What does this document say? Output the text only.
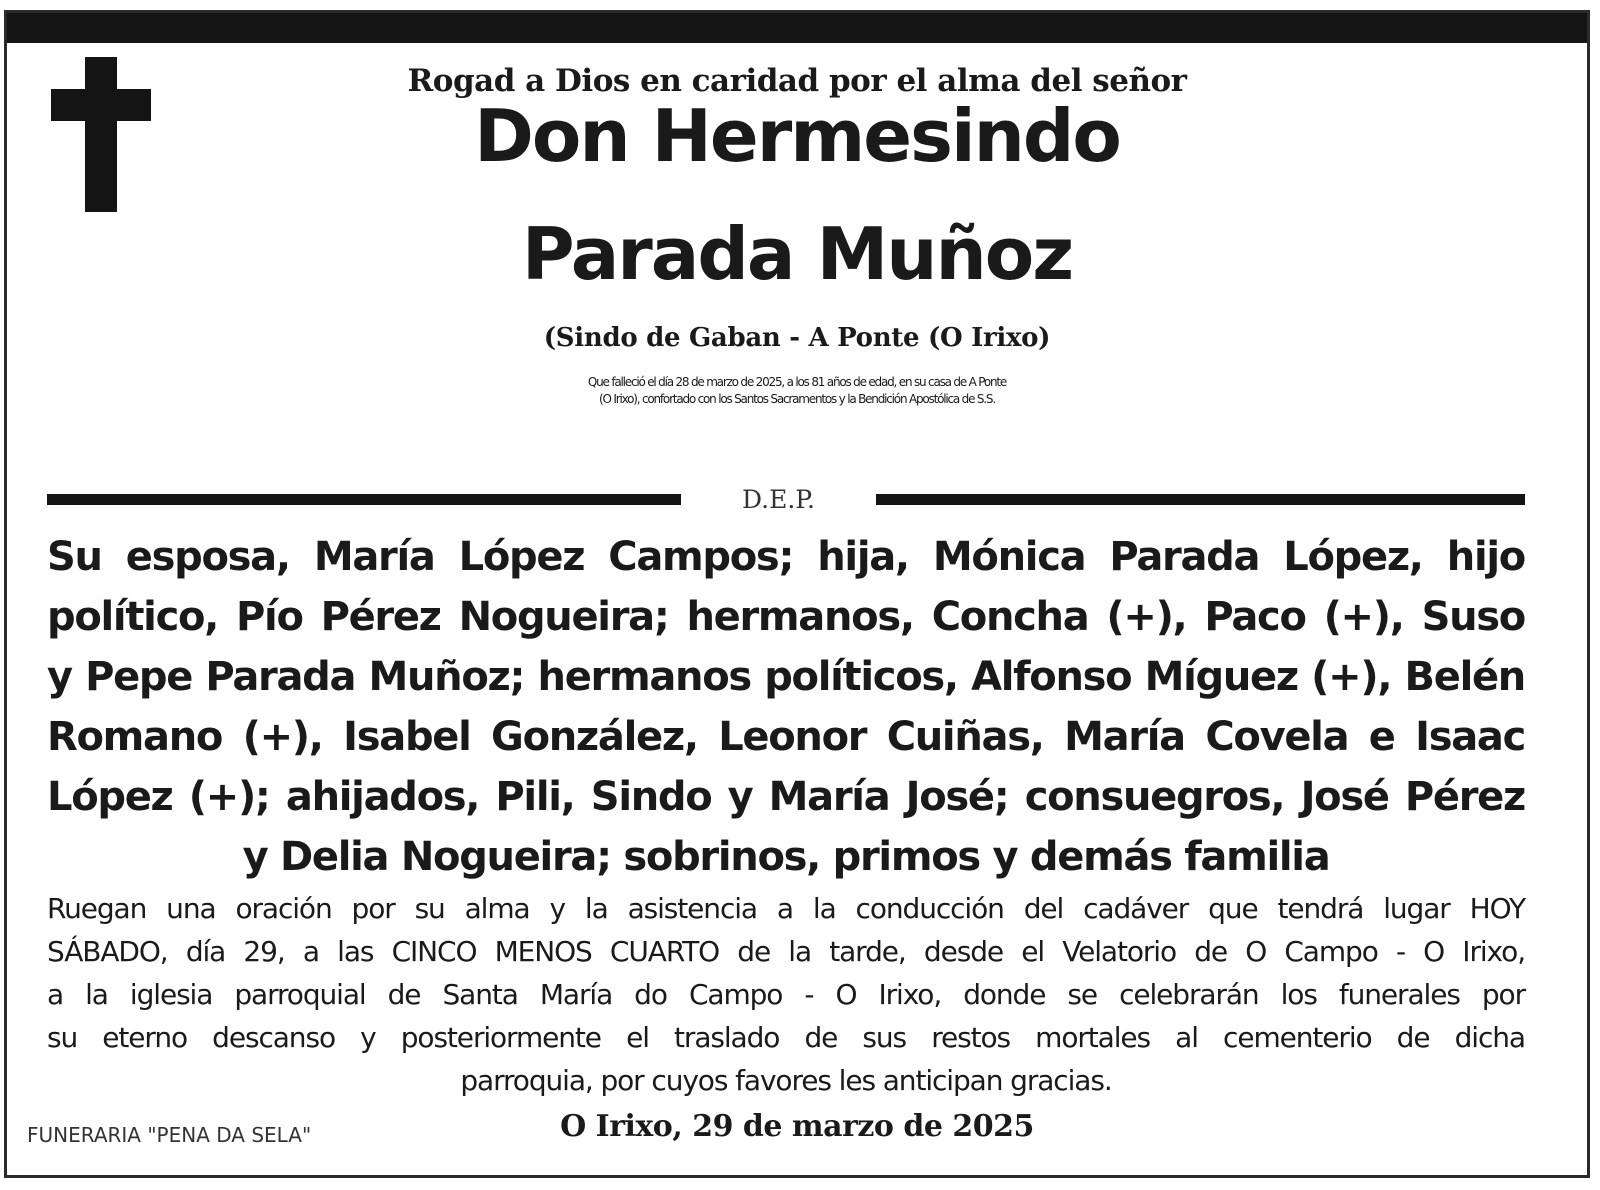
Rogad a Dios en caridad por el alma del señor
Don Hermesindo
Parada Muñoz
(Sindo de Gaban - A Ponte (O Irixo)
Que falleció el día 28 de marzo de 2025, a los 81 años de edad, en su casa de A Ponte
(O Irixo), confortado con los Santos Sacramentos y la Bendición Apostólica de S.S.
D.E.P.
Su esposa, María López Campos; hija, Mónica Parada López, hijo
político, Pío Pérez Nogueira; hermanos, Concha (+), Paco (+), Suso
y Pepe Parada Muñoz; hermanos políticos, Alfonso Míguez (+), Belén
Romano (+), Isabel González, Leonor Cuiñas, María Covela e Isaac
López (+); ahijados, Pili, Sindo y María José; consuegros, José Pérez
y Delia Nogueira; sobrinos, primos y demás familia
Ruegan una oración por su alma y la asistencia a la conducción del cadáver que tendrá lugar HOY
SÁBADO, día 29, a las CINCO MENOS CUARTO de la tarde, desde el Velatorio de O Campo - O Irixo,
a la iglesia parroquial de Santa María do Campo - O Irixo, donde se celebrarán los funerales por
su eterno descanso y posteriormente el traslado de sus restos mortales al cementerio de dicha
parroquia, por cuyos favores les anticipan gracias.
FUNERARIA "PENA DA SELA"	O Irixo, 29 de marzo de 2025
